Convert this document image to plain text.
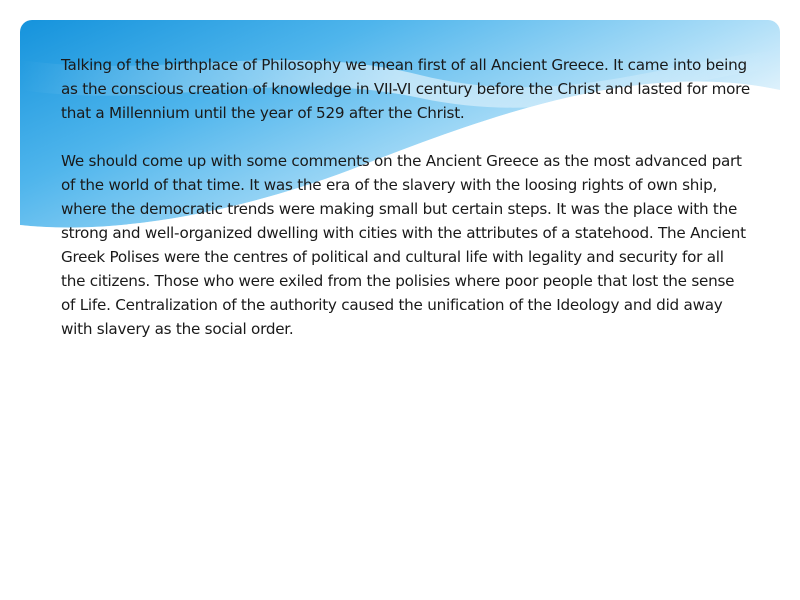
Talking of the birthplace of Philosophy we mean first of all Ancient Greece. It came into being as the conscious creation of knowledge in VII-VI century before the Christ and lasted for more that a Millennium until the year of 529 after the Christ.

We should come up with some comments on the Ancient Greece as the most advanced part of the world of that time. It was the era of the slavery with the loosing rights of own ship, where the democratic trends were making small but certain steps. It was the place with the strong and well-organized dwelling with cities with the attributes of a statehood. The Ancient Greek Polises were the centres of political and cultural life with legality and security for all the citizens. Those who were exiled from the polisies where poor people that lost the sense of Life. Centralization of the authority caused the unification of the Ideology and did away with slavery as the social order.
